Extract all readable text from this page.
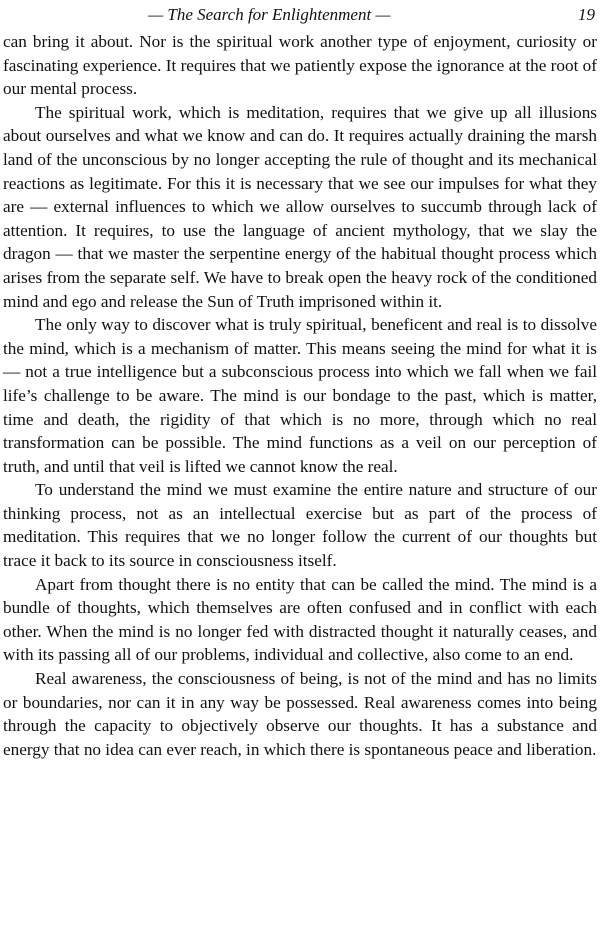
— The Search for Enlightenment —	19

can bring it about. Nor is the spiritual work another type of enjoyment, curiosity or fascinating experience. It requires that we patiently expose the ignorance at the root of our mental process.

The spiritual work, which is meditation, requires that we give up all illusions about ourselves and what we know and can do. It requires actually draining the marsh land of the unconscious by no longer accepting the rule of thought and its mechanical reactions as legitimate. For this it is necessary that we see our impulses for what they are — external influences to which we allow ourselves to succumb through lack of attention. It requires, to use the language of ancient mythology, that we slay the dragon — that we master the serpentine energy of the habitual thought process which arises from the separate self. We have to break open the heavy rock of the conditioned mind and ego and release the Sun of Truth imprisoned within it.

The only way to discover what is truly spiritual, beneficent and real is to dissolve the mind, which is a mechanism of matter. This means seeing the mind for what it is — not a true intelligence but a subconscious process into which we fall when we fail life’s challenge to be aware. The mind is our bondage to the past, which is matter, time and death, the rigidity of that which is no more, through which no real transformation can be possible. The mind functions as a veil on our perception of truth, and until that veil is lifted we cannot know the real.

To understand the mind we must examine the entire nature and structure of our thinking process, not as an intellectual exercise but as part of the process of meditation. This requires that we no longer follow the current of our thoughts but trace it back to its source in consciousness itself.

Apart from thought there is no entity that can be called the mind. The mind is a bundle of thoughts, which themselves are often confused and in conflict with each other. When the mind is no longer fed with distracted thought it naturally ceases, and with its passing all of our problems, individual and collective, also come to an end.

Real awareness, the consciousness of being, is not of the mind and has no limits or boundaries, nor can it in any way be possessed. Real awareness comes into being through the capacity to objectively observe our thoughts. It has a substance and energy that no idea can ever reach, in which there is spontaneous peace and liberation.
